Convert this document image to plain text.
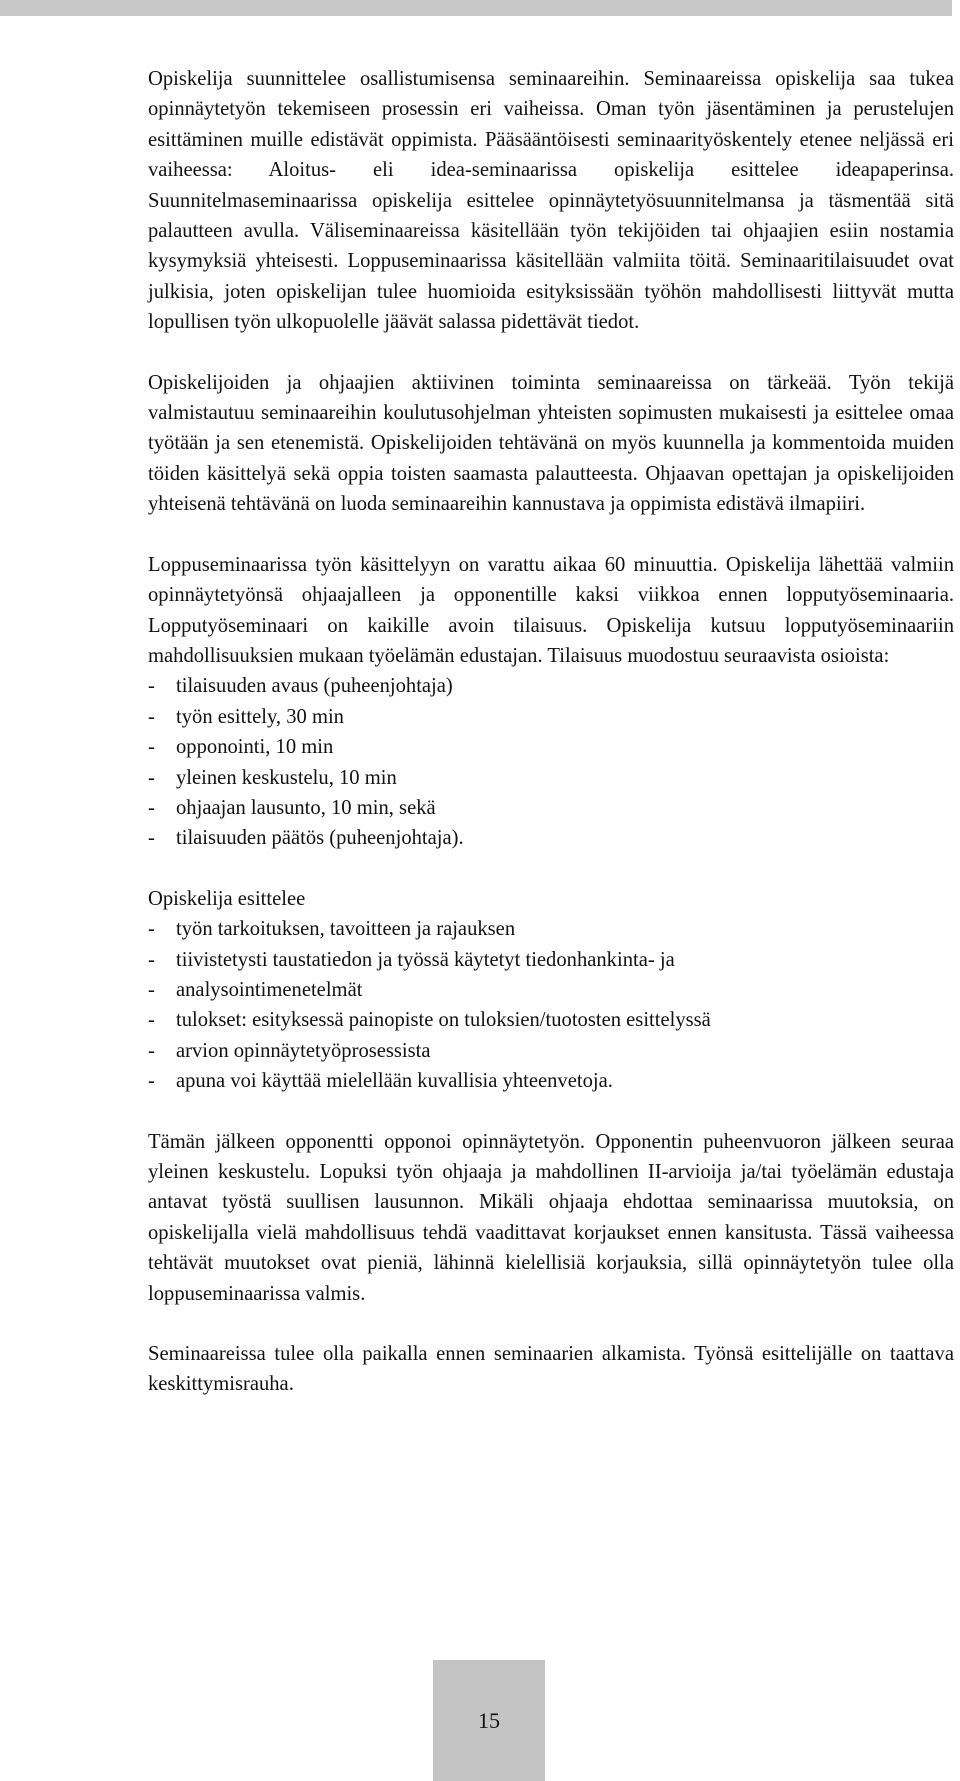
Opiskelija suunnittelee osallistumisensa seminaareihin. Seminaareissa opiskelija saa tukea opinnäytetyön tekemiseen prosessin eri vaiheissa. Oman työn jäsentäminen ja perustelujen esittäminen muille edistävät oppimista. Pääsääntöisesti seminaarityöskentely etenee neljässä eri vaiheessa: Aloitus- eli idea-seminaarissa opiskelija esittelee ideapaperinsa. Suunnitelmaseminaarissa opiskelija esittelee opinnäytetyösuunnitelmansa ja täsmentää sitä palautteen avulla. Väliseminaareissa käsitellään työn tekijöiden tai ohjaajien esiin nostamia kysymyksiä yhteisesti. Loppuseminaarissa käsitellään valmiita töitä. Seminaaritilaisuudet ovat julkisia, joten opiskelijan tulee huomioida esityksissään työhön mahdollisesti liittyvät mutta lopullisen työn ulkopuolelle jäävät salassa pidettävät tiedot.

Opiskelijoiden ja ohjaajien aktiivinen toiminta seminaareissa on tärkeää. Työn tekijä valmistautuu seminaareihin koulutusohjelman yhteisten sopimusten mukaisesti ja esittelee omaa työtään ja sen etenemistä. Opiskelijoiden tehtävänä on myös kuunnella ja kommentoida muiden töiden käsittelyä sekä oppia toisten saamasta palautteesta. Ohjaavan opettajan ja opiskelijoiden yhteisenä tehtävänä on luoda seminaareihin kannustava ja oppimista edistävä ilmapiiri.

Loppuseminaarissa työn käsittelyyn on varattu aikaa 60 minuuttia. Opiskelija lähettää valmiin opinnäytetyönsä ohjaajalleen ja opponentille kaksi viikkoa ennen lopputyöseminaaria. Lopputyöseminaari on kaikille avoin tilaisuus. Opiskelija kutsuu lopputyöseminaariin mahdollisuuksien mukaan työelämän edustajan. Tilaisuus muodostuu seuraavista osioista:

- tilaisuuden avaus (puheenjohtaja)
- työn esittely, 30 min
- opponointi, 10 min
- yleinen keskustelu, 10 min
- ohjaajan lausunto, 10 min, sekä
- tilaisuuden päätös (puheenjohtaja).

Opiskelija esittelee

- työn tarkoituksen, tavoitteen ja rajauksen
- tiivistetysti taustatiedon ja työssä käytetyt tiedonhankinta- ja
- analysointimenetelmät
- tulokset: esityksessä painopiste on tuloksien/tuotosten esittelyssä
- arvion opinnäytetyöprosessista
- apuna voi käyttää mielellään kuvallisia yhteenvetoja.

Tämän jälkeen opponentti opponoi opinnäytetyön. Opponentin puheenvuoron jälkeen seuraa yleinen keskustelu. Lopuksi työn ohjaaja ja mahdollinen II-arvioija ja/tai työelämän edustaja antavat työstä suullisen lausunnon. Mikäli ohjaaja ehdottaa seminaarissa muutoksia, on opiskelijalla vielä mahdollisuus tehdä vaadittavat korjaukset ennen kansitusta. Tässä vaiheessa tehtävät muutokset ovat pieniä, lähinnä kielellisiä korjauksia, sillä opinnäytetyön tulee olla loppuseminaarissa valmis.

Seminaareissa tulee olla paikalla ennen seminaarien alkamista. Työnsä esittelijälle on taattava keskittymisrauha.

15
